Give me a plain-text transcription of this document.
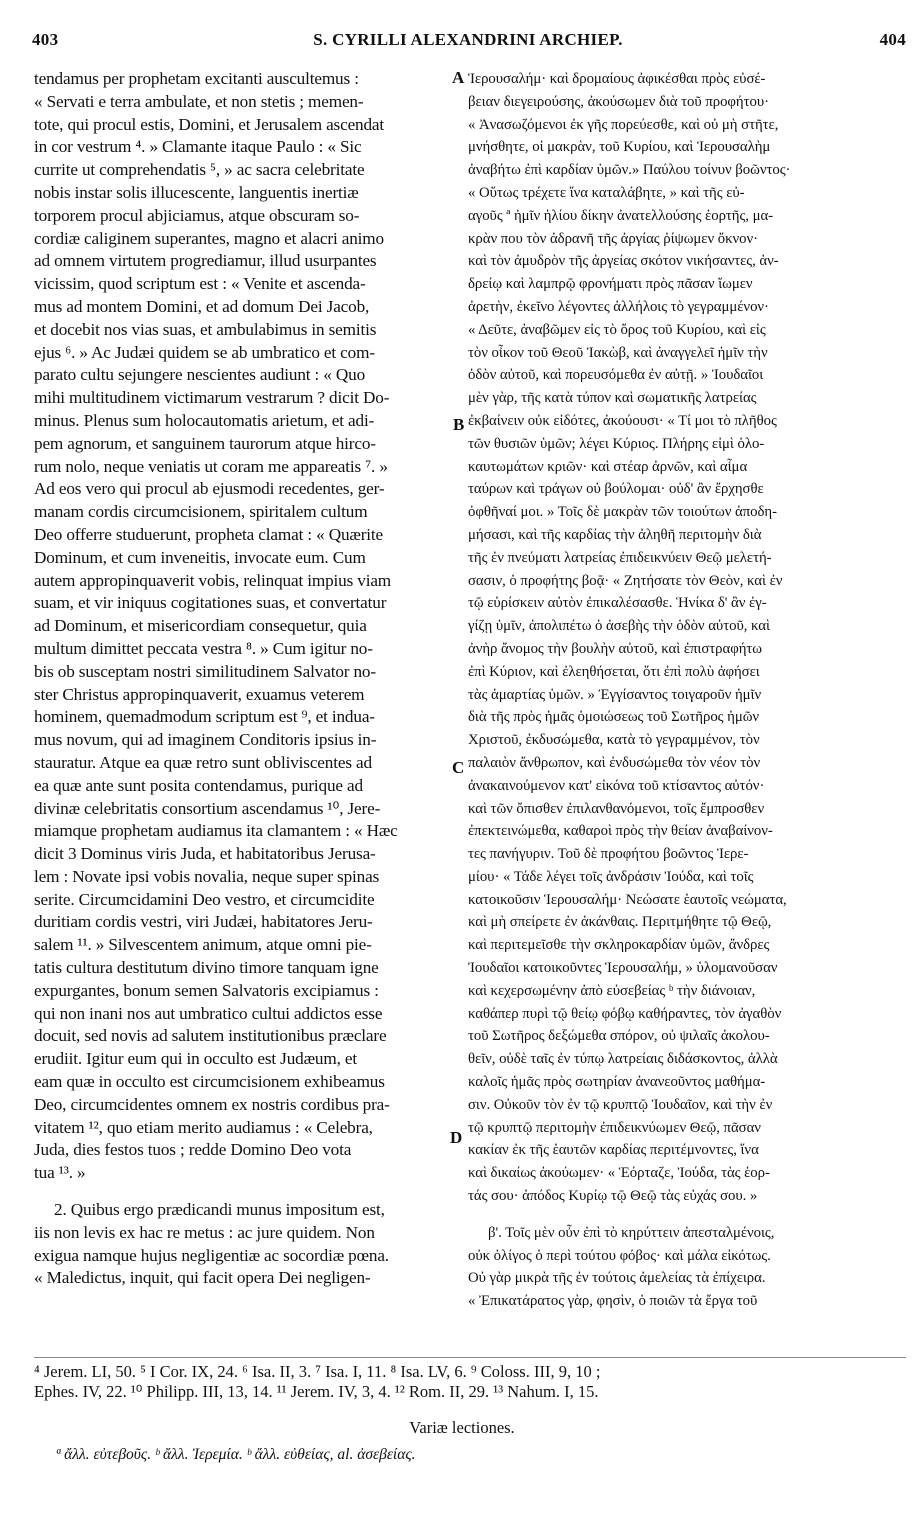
403	S. CYRILLI ALEXANDRINI ARCHIEP.	404
tendamus per prophetam excitanti auscultemus :
« Servati e terra ambulate, et non stetis ; memen-
tote, qui procul estis, Domini, et Jerusalem ascendat
in cor vestrum ⁴. » Clamante itaque Paulo : « Sic
currite ut comprehendatis ⁵, » ac sacra celebritate
nobis instar solis illucescente, languentis inertiæ
torporem procul abjiciamus, atque obscuram so-
cordiæ caliginem superantes, magno et alacri animo
ad omnem virtutem progrediamur, illud usurpantes
vicissim, quod scriptum est : « Venite et ascenda-
mus ad montem Domini, et ad domum Dei Jacob,
et docebit nos vias suas, et ambulabimus in semitis
ejus ⁶. » Ac Judæi quidem se ab umbratico et com-
parato cultu sejungere nescientes audiunt : « Quo
mihi multitudinem victimarum vestrarum ? dicit Do-
minus. Plenus sum holocautomatis arietum, et adi-
pem agnorum, et sanguinem taurorum atque hirco-
rum nolo, neque veniatis ut coram me appareatis ⁷. »
Ad eos vero qui procul ab ejusmodi recedentes, ger-
manam cordis circumcisionem, spiritalem cultum
Deo offerre studuerunt, propheta clamat : « Quærite
Dominum, et cum inveneitis, invocate eum. Cum
autem appropinquaverit vobis, relinquat impius viam
suam, et vir iniquus cogitationes suas, et convertatur
ad Dominum, et misericordiam consequetur, quia
multum dimittet peccata vestra ⁸. » Cum igitur no-
bis ob susceptam nostri similitudinem Salvator no-
ster Christus appropinquaverit, exuamus veterem
hominem, quemadmodum scriptum est ⁹, et indua-
mus novum, qui ad imaginem Conditoris ipsius in-
stauratur. Atque ea quæ retro sunt obliviscentes ad
ea quæ ante sunt posita contendamus, purique ad
divinæ celebritatis consortium ascendamus ¹⁰, Jere-
miamque prophetam audiamus ita clamantem : « Hæc
dicit 3 Dominus viris Juda, et habitatoribus Jerusa-
lem : Novate ipsi vobis novalia, neque super spinas
serite. Circumcidamini Deo vestro, et circumcidite
duritiam cordis vestri, viri Judæi, habitatores Jeru-
salem ¹¹. » Silvescentem animum, atque omni pie-
tatis cultura destitutum divino timore tanquam igne
expurgantes, bonum semen Salvatoris excipiamus :
qui non inani nos aut umbratico cultui addictos esse
docuit, sed novis ad salutem institutionibus præclare
erudiit. Igitur eum qui in occulto est Judæum, et
eam quæ in occulto est circumcisionem exhibeamus
Deo, circumcidentes omnem ex nostris cordibus pra-
vitatem ¹², quo etiam merito audiamus : « Celebra,
Juda, dies festos tuos ; redde Domino Deo vota
tua ¹³. »
2. Quibus ergo prædicandi munus impositum est,
iis non levis ex hac re metus : ac jure quidem. Non
exigua namque hujus negligentiæ ac socordiæ pœna.
« Maledictus, inquit, qui facit opera Dei negligen-
Ἱερουσαλήμ· καὶ δρομαίους ἀφικέσθαι πρὸς εὐσέ-
βειαν διεγειρούσης, ἀκούσωμεν διὰ τοῦ προφήτου·
« Ἀνασωζόμενοι ἐκ γῆς πορεύεσθε, καὶ οὐ μὴ στῆτε,
μνήσθητε, οἱ μακρὰν, τοῦ Κυρίου, καὶ Ἱερουσαλὴμ
ἀναβήτω ἐπὶ καρδίαν ὑμῶν.» Παύλου τοίνυν βοῶντος·
« Οὕτως τρέχετε ἵνα καταλάβητε, » καὶ τῆς εὐ-
αγοῦς ª ἡμῖν ἡλίου δίκην ἀνατελλούσης ἑορτῆς, μα-
κρὰν που τὸν ἀδρανῆ τῆς ἀργίας ῥίψωμεν ὄκνον·
καὶ τὸν ἀμυδρὸν τῆς ἀργείας σκότον νικήσαντες, ἀν-
δρείῳ καὶ λαμπρῷ φρονήματι πρὸς πᾶσαν ἴωμεν
ἀρετὴν, ἐκεῖνο λέγοντες ἀλλήλοις τὸ γεγραμμένον·
« Δεῦτε, ἀναβῶμεν εἰς τὸ ὄρος τοῦ Κυρίου, καὶ εἰς
τὸν οἶκον τοῦ Θεοῦ Ἰακὼβ, καὶ ἀναγγελεῖ ἡμῖν τὴν
ὁδὸν αὐτοῦ, καὶ πορευσόμεθα ἐν αὐτῇ. » Ἰουδαῖοι
μὲν γὰρ, τῆς κατὰ τύπον καὶ σωματικῆς λατρείας
ἐκβαίνειν οὐκ εἰδότες, ἀκούουσι· « Τί μοι τὸ πλῆθος
τῶν θυσιῶν ὑμῶν; λέγει Κύριος. Πλήρης εἰμὶ ὁλο-
καυτωμάτων κριῶν· καὶ στέαρ ἀρνῶν, καὶ αἷμα
ταύρων καὶ τράγων οὐ βούλομαι· οὐδ' ἂν ἔρχησθε
ὀφθῆναί μοι. » Τοῖς δὲ μακρὰν τῶν τοιούτων ἀποδη-
μήσασι, καὶ τῆς καρδίας τὴν ἀληθῆ περιτομὴν διὰ
τῆς ἐν πνεύματι λατρείας ἐπιδεικνύειν Θεῷ μελετή-
σασιν, ὁ προφήτης βοᾷ· « Ζητήσατε τὸν Θεὸν, καὶ ἐν
τῷ εὑρίσκειν αὐτὸν ἐπικαλέσασθε. Ἡνίκα δ' ἂν ἐγ-
γίζῃ ὑμῖν, ἀπολιπέτω ὁ ἀσεβὴς τὴν ὁδὸν αὐτοῦ, καὶ
ἀνὴρ ἄνομος τὴν βουλὴν αὐτοῦ, καὶ ἐπιστραφήτω
ἐπὶ Κύριον, καὶ ἐλεηθήσεται, ὅτι ἐπὶ πολὺ ἀφήσει
τὰς ἁμαρτίας ὑμῶν. » Ἐγγίσαντος τοιγαροῦν ἡμῖν
διὰ τῆς πρὸς ἡμᾶς ὁμοιώσεως τοῦ Σωτῆρος ἡμῶν
Χριστοῦ, ἐκδυσώμεθα, κατὰ τὸ γεγραμμένον, τὸν
παλαιὸν ἄνθρωπον, καὶ ἐνδυσώμεθα τὸν νέον τὸν
ἀνακαινούμενον κατ' εἰκόνα τοῦ κτίσαντος αὐτόν·
καὶ τῶν ὄπισθεν ἐπιλανθανόμενοι, τοῖς ἔμπροσθεν
ἐπεκτεινώμεθα, καθαροὶ πρὸς τὴν θείαν ἀναβαίνον-
τες πανήγυριν. Τοῦ δὲ προφήτου βοῶντος Ἱερε-
μίου· « Τάδε λέγει τοῖς ἀνδράσιν Ἰούδα, καὶ τοῖς
κατοικοῦσιν Ἱερουσαλήμ· Νεώσατε ἑαυτοῖς νεώματα,
καὶ μὴ σπείρετε ἐν ἀκάνθαις. Περιτμήθητε τῷ Θεῷ,
καὶ περιτεμεῖσθε τὴν σκληροκαρδίαν ὑμῶν, ἄνδρες
Ἰουδαῖοι κατοικοῦντες Ἱερουσαλήμ, » ὑλομανοῦσαν
καὶ κεχερσωμένην ἀπὸ εὐσεβείας ᵇ τὴν διάνοιαν,
καθάπερ πυρὶ τῷ θείῳ φόβῳ καθήραντες, τὸν ἀγαθὸν
τοῦ Σωτῆρος δεξώμεθα σπόρον, οὐ ψιλαῖς ἀκολου-
θεῖν, οὐδὲ ταῖς ἐν τύπῳ λατρείαις διδάσκοντος, ἀλλὰ
καλοῖς ἡμᾶς πρὸς σωτηρίαν ἀνανεοῦντος μαθήμα-
σιν. Οὐκοῦν τὸν ἐν τῷ κρυπτῷ Ἰουδαῖον, καὶ τὴν ἐν
τῷ κρυπτῷ περιτομὴν ἐπιδεικνύωμεν Θεῷ, πᾶσαν
κακίαν ἐκ τῆς ἑαυτῶν καρδίας περιτέμνοντες, ἵνα
καὶ δικαίως ἀκούωμεν· « Ἑόρταζε, Ἰούδα, τὰς ἑορ-
τάς σου· ἀπόδος Κυρίῳ τῷ Θεῷ τὰς εὐχάς σου. »
β'. Τοῖς μὲν οὖν ἐπὶ τὸ κηρύττειν ἀπεσταλμένοις,
οὐκ ὀλίγος ὁ περὶ τούτου φόβος· καὶ μάλα εἰκότως.
Οὐ γὰρ μικρὰ τῆς ἐν τούτοις ἀμελείας τὰ ἐπίχειρα.
« Ἐπικατάρατος γὰρ, φησὶν, ὁ ποιῶν τὰ ἔργα τοῦ
A
B
C
D
⁴ Jerem. LI, 50. ⁵ I Cor. IX, 24. ⁶ Isa. II, 3. ⁷ Isa. I, 11. ⁸ Isa. LV, 6. ⁹ Coloss. III, 9, 10 ;
Ephes. IV, 22. ¹⁰ Philipp. III, 13, 14. ¹¹ Jerem. IV, 3, 4. ¹² Rom. II, 29. ¹³ Nahum. I, 15.
Variæ lectiones.
ª ἄλλ. εὐτεβοῦς. ᵇ ἄλλ. Ἰερεμία. ᵇ ἄλλ. εὐθείας, al. ἀσεβείας.
